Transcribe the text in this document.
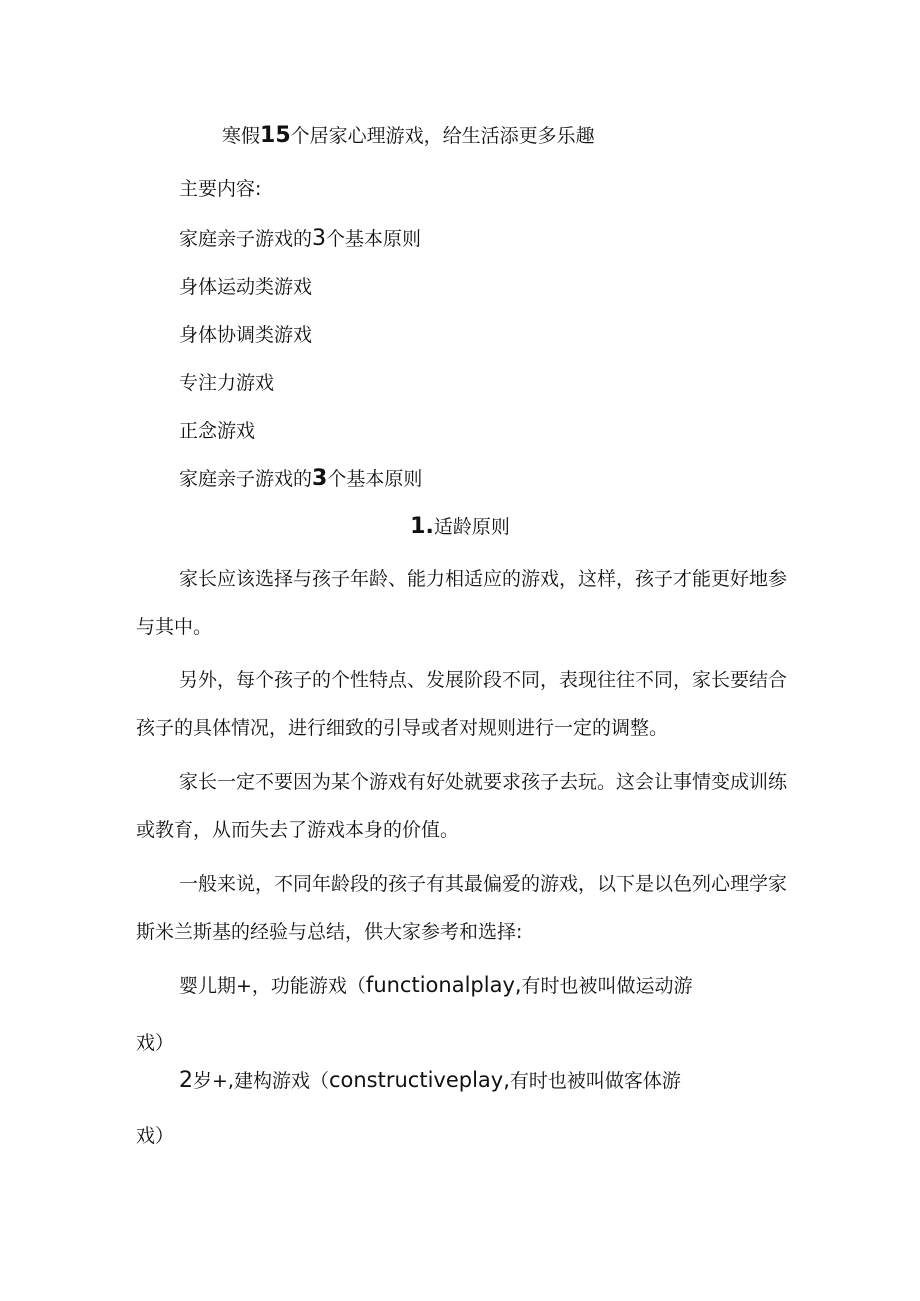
寒假15个居家心理游戏，给生活添更多乐趣
主要内容:
家庭亲子游戏的3个基本原则
身体运动类游戏
身体协调类游戏
专注力游戏
正念游戏
家庭亲子游戏的3个基本原则
1.适龄原则
家长应该选择与孩子年龄、能力相适应的游戏，这样，孩子才能更好地参
与其中。
另外，每个孩子的个性特点、发展阶段不同，表现往往不同，家长要结合
孩子的具体情况，进行细致的引导或者对规则进行一定的调整。
家长一定不要因为某个游戏有好处就要求孩子去玩。这会让事情变成训练
或教育，从而失去了游戏本身的价值。
一般来说，不同年龄段的孩子有其最偏爱的游戏，以下是以色列心理学家
斯米兰斯基的经验与总结，供大家参考和选择:
婴儿期+，功能游戏（functionalplay,有时也被叫做运动游
戏）
2岁+,建构游戏（constructiveplay,有时也被叫做客体游
戏）
